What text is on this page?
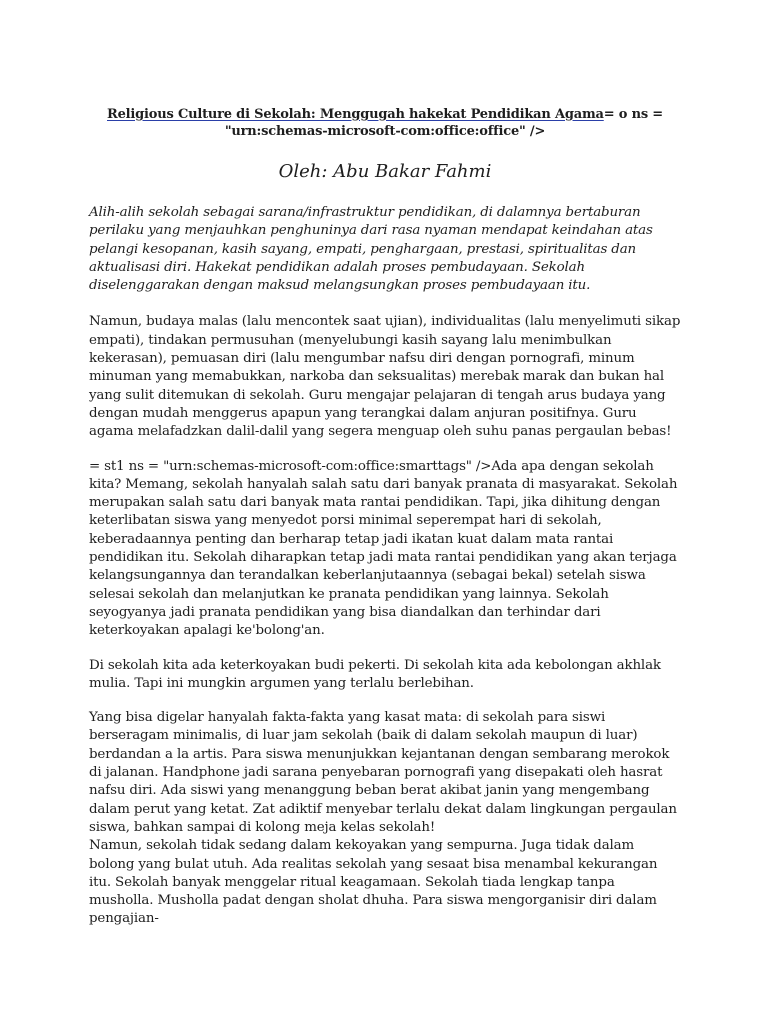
Religious Culture di Sekolah: Menggugah hakekat Pendidikan Agama= o ns = "urn:schemas-microsoft-com:office:office" />
Oleh: Abu Bakar Fahmi

Alih-alih sekolah sebagai sarana/infrastruktur pendidikan, di dalamnya bertaburan perilaku yang menjauhkan penghuninya dari rasa nyaman mendapat keindahan atas pelangi kesopanan, kasih sayang, empati, penghargaan, prestasi, spiritualitas dan aktualisasi diri. Hakekat pendidikan adalah proses pembudayaan. Sekolah diselenggarakan dengan maksud melangsungkan proses pembudayaan itu.

Namun, budaya malas (lalu mencontek saat ujian), individualitas (lalu menyelimuti sikap empati), tindakan permusuhan (menyelubungi kasih sayang lalu menimbulkan kekerasan), pemuasan diri (lalu mengumbar nafsu diri dengan pornografi, minum minuman yang memabukkan, narkoba dan seksualitas) merebak marak dan bukan hal yang sulit ditemukan di sekolah. Guru mengajar pelajaran di tengah arus budaya yang dengan mudah menggerus apapun yang terangkai dalam anjuran positifnya. Guru agama melafadzkan dalil-dalil yang segera menguap oleh suhu panas pergaulan bebas!

= st1 ns = "urn:schemas-microsoft-com:office:smarttags" />Ada apa dengan sekolah kita? Memang, sekolah hanyalah salah satu dari banyak pranata di masyarakat. Sekolah merupakan salah satu dari banyak mata rantai pendidikan. Tapi, jika dihitung dengan keterlibatan siswa yang menyedot porsi minimal seperempat hari di sekolah, keberadaannya penting dan berharap tetap jadi ikatan kuat dalam mata rantai pendidikan itu. Sekolah diharapkan tetap jadi mata rantai pendidikan yang akan terjaga kelangsungannya dan terandalkan keberlanjutaannya (sebagai bekal) setelah siswa selesai sekolah dan melanjutkan ke pranata pendidikan yang lainnya. Sekolah seyogyanya jadi pranata pendidikan yang bisa diandalkan dan terhindar dari keterkoyakan apalagi ke'bolong'an.

Di sekolah kita ada keterkoyakan budi pekerti. Di sekolah kita ada kebolongan akhlak mulia. Tapi ini mungkin argumen yang terlalu berlebihan.

Yang bisa digelar hanyalah fakta-fakta yang kasat mata: di sekolah para siswi berseragam minimalis, di luar jam sekolah (baik di dalam sekolah maupun di luar) berdandan a la artis. Para siswa menunjukkan kejantanan dengan sembarang merokok di jalanan. Handphone jadi sarana penyebaran pornografi yang disepakati oleh hasrat nafsu diri. Ada siswi yang menanggung beban berat akibat janin yang mengembang dalam perut yang ketat. Zat adiktif menyebar terlalu dekat dalam lingkungan pergaulan siswa, bahkan sampai di kolong meja kelas sekolah!

Namun, sekolah tidak sedang dalam kekoyakan yang sempurna. Juga tidak dalam bolong yang bulat utuh. Ada realitas sekolah yang sesaat bisa menambal kekurangan itu. Sekolah banyak menggelar ritual keagamaan. Sekolah tiada lengkap tanpa musholla. Musholla padat dengan sholat dhuha. Para siswa mengorganisir diri dalam pengajian-
